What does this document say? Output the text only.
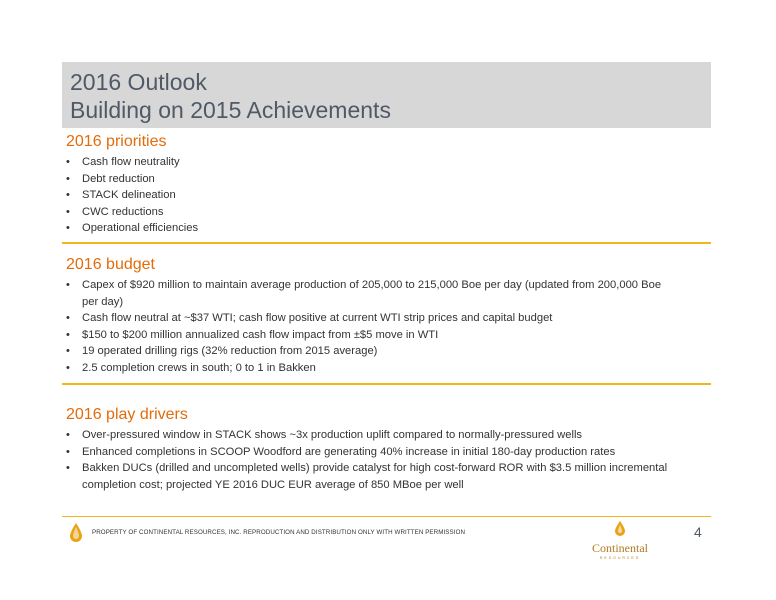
2016 Outlook
Building on 2015 Achievements
2016 priorities
• Cash flow neutrality
• Debt reduction
• STACK delineation
• CWC reductions
• Operational efficiencies
2016 budget
• Capex of $920 million to maintain average production of 205,000 to 215,000 Boe per day (updated from 200,000 Boe per day)
• Cash flow neutral at ~$37 WTI; cash flow positive at current WTI strip prices and capital budget
• $150 to $200 million annualized cash flow impact from ±$5 move in WTI
• 19 operated drilling rigs (32% reduction from 2015 average)
• 2.5 completion crews in south; 0 to 1 in Bakken
2016 play drivers
• Over-pressured window in STACK shows ~3x production uplift compared to normally-pressured wells
• Enhanced completions in SCOOP Woodford are generating 40% increase in initial 180-day production rates
• Bakken DUCs (drilled and uncompleted wells) provide catalyst for high cost-forward ROR with $3.5 million incremental completion cost; projected YE 2016 DUC EUR average of 850 MBoe per well
PROPERTY OF CONTINENTAL RESOURCES, INC. REPRODUCTION AND DISTRIBUTION ONLY WITH WRITTEN PERMISSION
Continental
RESOURCES
4
